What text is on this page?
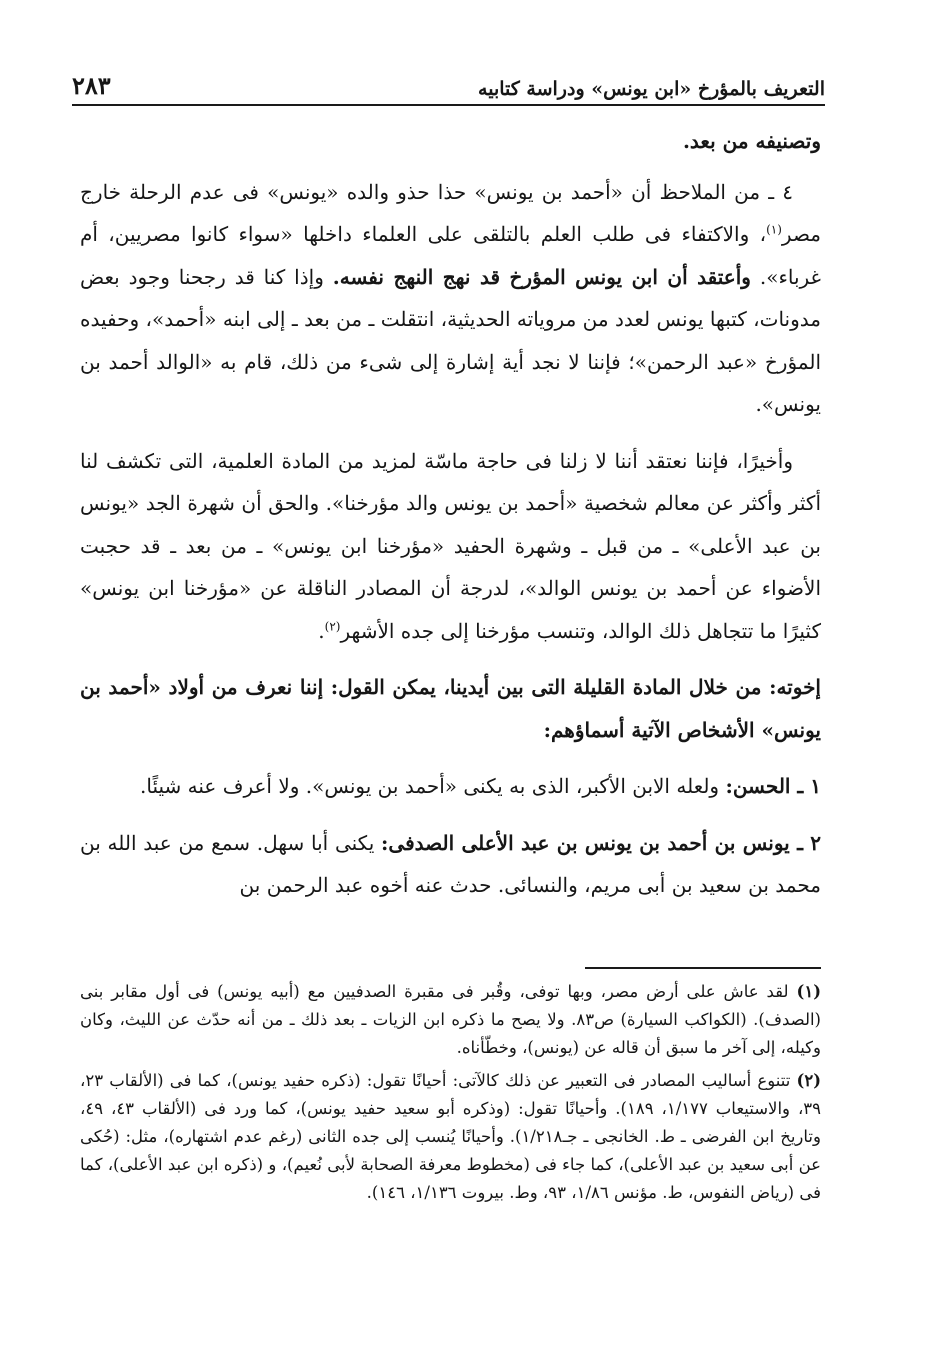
التعريف بالمؤرخ «ابن يونس» ودراسة كتابيه
٢٨٣

وتصنيفه من بعد.

٤ ـ من الملاحظ أن «أحمد بن يونس» حذا حذو والده «يونس» فى عدم الرحلة خارج مصر$^{(١)}$، والاكتفاء فى طلب العلم بالتلقى على العلماء داخلها «سواء كانوا مصريين، أم غرباء». وأعتقد أن ابن يونس المؤرخ قد نهج النهج نفسه. وإذا كنا قد رجحنا وجود بعض مدونات، كتبها يونس لعدد من مروياته الحديثية، انتقلت ـ من بعد ـ إلى ابنه «أحمد»، وحفيده المؤرخ «عبد الرحمن»؛ فإننا لا نجد أية إشارة إلى شىء من ذلك، قام به «الوالد أحمد بن يونس».

وأخيرًا، فإننا نعتقد أننا لا زلنا فى حاجة ماسّة لمزيد من المادة العلمية، التى تكشف لنا أكثر وأكثر عن معالم شخصية «أحمد بن يونس والد مؤرخنا». والحق أن شهرة الجد «يونس بن عبد الأعلى» ـ من قبل ـ وشهرة الحفيد «مؤرخنا ابن يونس» ـ من بعد ـ قد حجبت الأضواء عن أحمد بن يونس الوالد»، لدرجة أن المصادر الناقلة عن «مؤرخنا ابن يونس» كثيرًا ما تتجاهل ذلك الوالد، وتنسب مؤرخنا إلى جده الأشهر$^{(٢)}$.

إخوته: من خلال المادة القليلة التى بين أيدينا، يمكن القول: إننا نعرف من أولاد «أحمد بن يونس» الأشخاص الآتية أسماؤهم:

١ ـ الحسن: ولعله الابن الأكبر، الذى به يكنى «أحمد بن يونس». ولا أعرف عنه شيئًا.

٢ ـ يونس بن أحمد بن يونس بن عبد الأعلى الصدفى: يكنى أبا سهل. سمع من عبد الله بن محمد بن سعيد بن أبى مريم، والنسائى. حدث عنه أخوه عبد الرحمن بن

(١) لقد عاش على أرض مصر، وبها توفى، وقُبر فى مقبرة الصدفيين مع (أبيه يونس) فى أول مقابر بنى (الصدف). (الكواكب السيارة) ص٨٣. ولا يصح ما ذكره ابن الزيات ـ بعد ذلك ـ من أنه حدّث عن الليث، وكان وكيله، إلى آخر ما سبق أن قاله عن (يونس)، وخطّأناه.

(٢) تتنوع أساليب المصادر فى التعبير عن ذلك كالآتى: أحيانًا تقول: (ذكره حفيد يونس)، كما فى (الألقاب ٢٣، ٣٩، والاستيعاب ١/١٧٧، ١٨٩). وأحيانًا تقول: (وذكره أبو سعيد حفيد يونس)، كما ورد فى (الألقاب ٤٣، ٤٩، وتاريخ ابن الفرضى ـ ط. الخانجى ـ جـ١/٢١٨). وأحيانًا يُنسب إلى جده الثانى (رغم عدم اشتهاره)، مثل: (حُكى عن أبى سعيد بن عبد الأعلى)، كما جاء فى (مخطوط معرفة الصحابة لأبى نُعيم)، و (ذكره ابن عبد الأعلى)، كما فى (رياض النفوس، ط. مؤنس ١/٨٦، ٩٣، وط. بيروت ١/١٣٦، ١٤٦).
